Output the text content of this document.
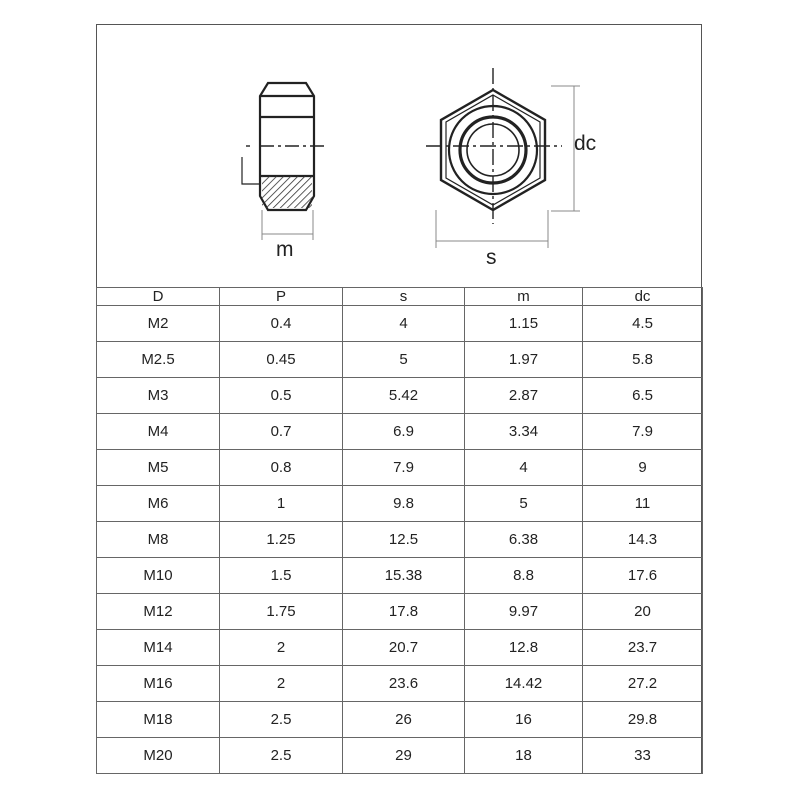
m	s
dc
D	P	s	m	dc
M2	0.4	4	1.15	4.5
M2.5	0.45	5	1.97	5.8
M3	0.5	5.42	2.87	6.5
M4	0.7	6.9	3.34	7.9
M5	0.8	7.9	4	9
M6	1	9.8	5	11
M8	1.25	12.5	6.38	14.3
M10	1.5	15.38	8.8	17.6
M12	1.75	17.8	9.97	20
M14	2	20.7	12.8	23.7
M16	2	23.6	14.42	27.2
M18	2.5	26	16	29.8
M20	2.5	29	18	33
